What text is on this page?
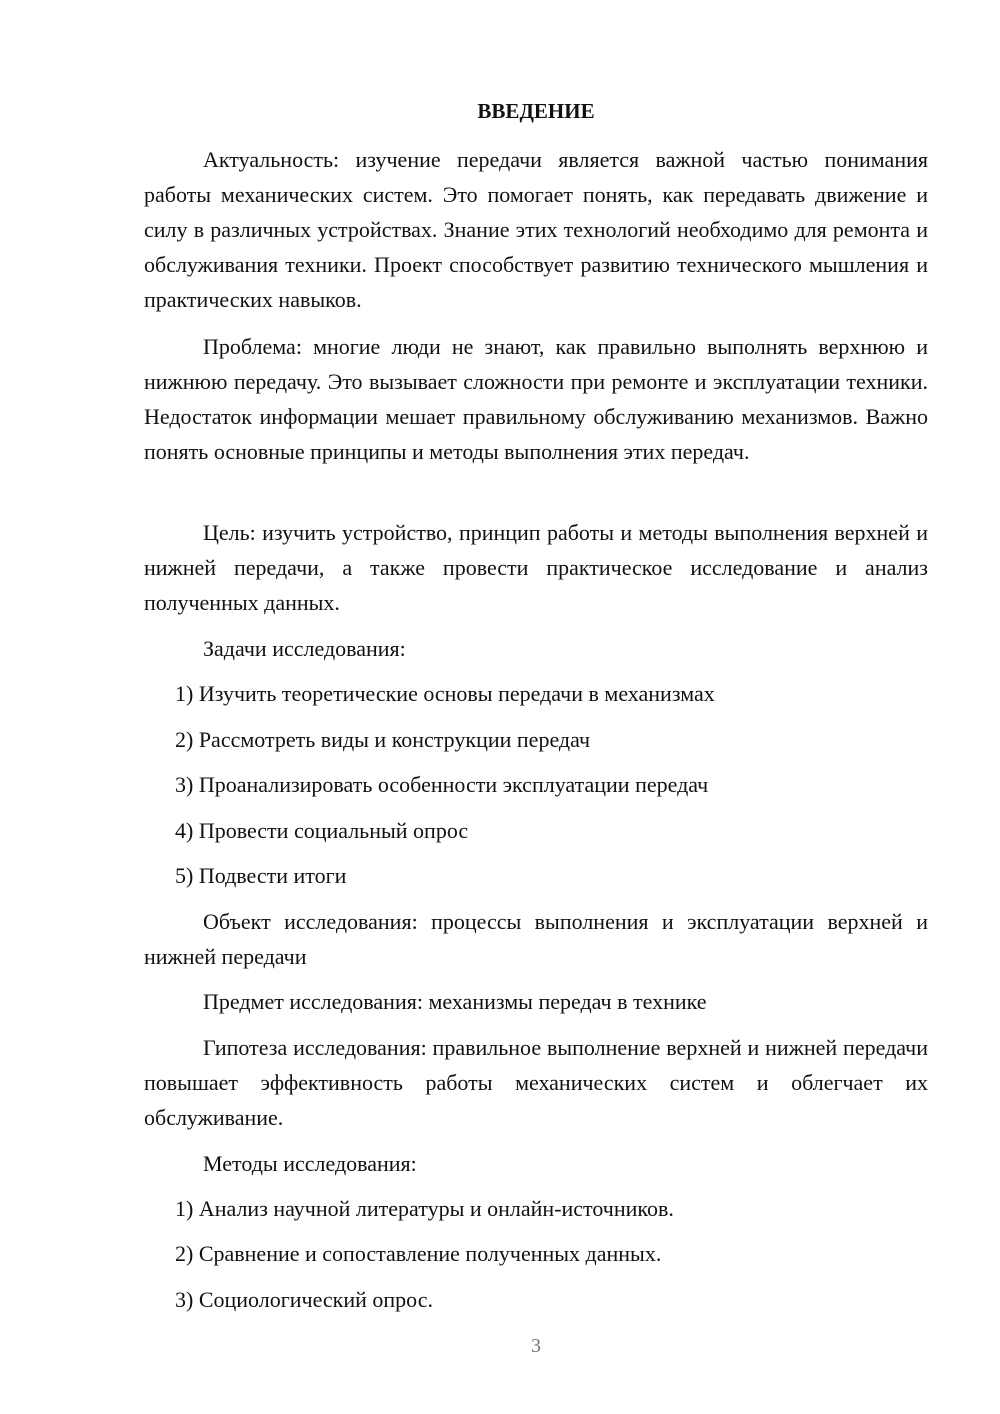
ВВЕДЕНИЕ

Актуальность: изучение передачи является важной частью понимания работы механических систем. Это помогает понять, как передавать движение и силу в различных устройствах. Знание этих технологий необходимо для ремонта и обслуживания техники. Проект способствует развитию технического мышления и практических навыков.

Проблема: многие люди не знают, как правильно выполнять верхнюю и нижнюю передачу. Это вызывает сложности при ремонте и эксплуатации техники. Недостаток информации мешает правильному обслуживанию механизмов. Важно понять основные принципы и методы выполнения этих передач.

Цель: изучить устройство, принцип работы и методы выполнения верхней и нижней передачи, а также провести практическое исследование и анализ полученных данных.

Задачи исследования:

1) Изучить теоретические основы передачи в механизмах

2) Рассмотреть виды и конструкции передач

3) Проанализировать особенности эксплуатации передач

4) Провести социальный опрос

5) Подвести итоги

Объект исследования: процессы выполнения и эксплуатации верхней и нижней передачи

Предмет исследования: механизмы передач в технике

Гипотеза исследования: правильное выполнение верхней и нижней передачи повышает эффективность работы механических систем и облегчает их обслуживание.

Методы исследования:

1) Анализ научной литературы и онлайн-источников.

2) Сравнение и сопоставление полученных данных.

3) Социологический опрос.

3
